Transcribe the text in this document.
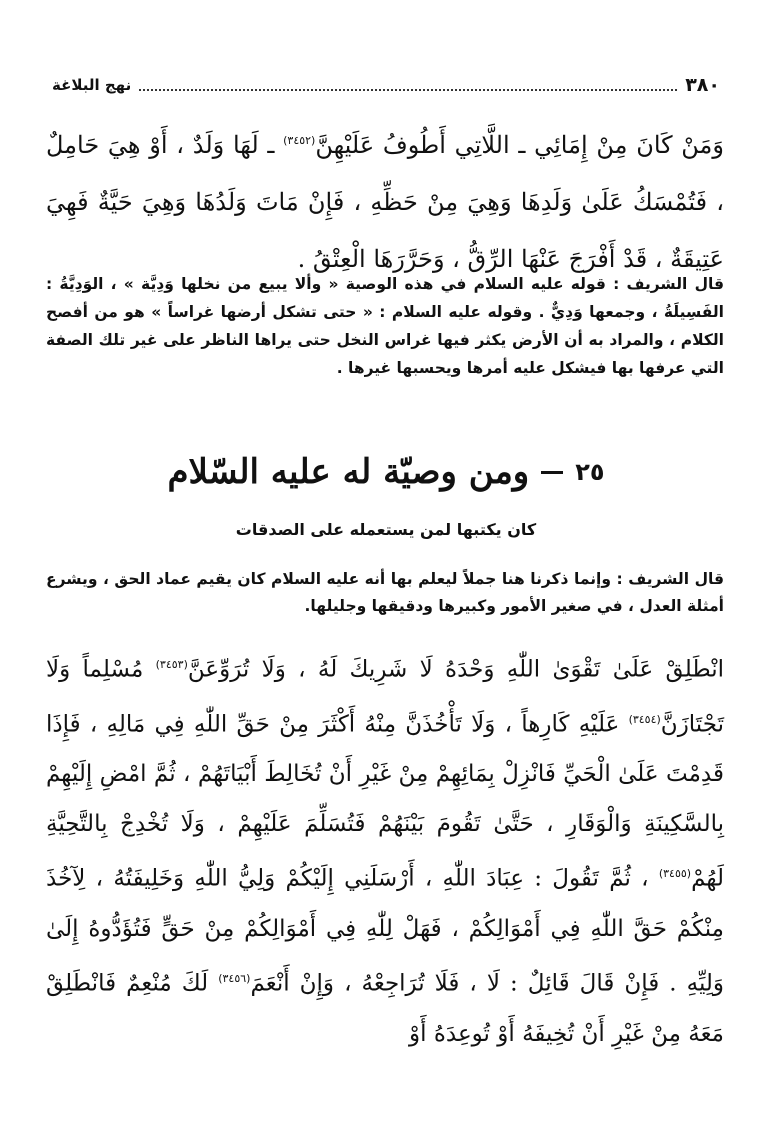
٣٨٠
نهج البلاغة
وَمَنْ كَانَ مِنْ إِمَائِي ـ اللَّاتِي أَطُوفُ عَلَيْهِنَّ$^{(٣٤٥٢)}$ ـ لَهَا وَلَدٌ ، أَوْ هِيَ حَامِلٌ ، فَتُمْسَكُ عَلَىٰ وَلَدِهَا وَهِيَ مِنْ حَظِّهِ ، فَإِنْ مَاتَ وَلَدُهَا وَهِيَ حَيَّةٌ فَهِيَ عَتِيقَةٌ ، قَدْ أَفْرَجَ عَنْهَا الرِّقُّ ، وَحَرَّرَهَا الْعِتْقُ .
قال الشريف : قوله عليه السلام في هذه الوصية « وألا يبيع من نخلها وَدِيَّة » ، الوَدِيَّةُ : الفَسِيلَةُ ، وجمعها وَدِيٌّ . وقوله عليه السلام : « حتى تشكل أرضها غراساً » هو من أفصح الكلام ، والمراد به أن الأرض يكثر فيها غراس النخل حتى يراها الناظر على غير تلك الصفة التي عرفها بها فيشكل عليه أمرها ويحسبها غيرها .
٢٥ومن وصيّة له عليه السّلام
كان يكتبها لمن يستعمله على الصدقات
قال الشريف : وإنما ذكرنا هنا جملاً ليعلم بها أنه عليه السلام كان يقيم عماد الحق ، ويشرع أمثلة العدل ، في صغير الأمور وكبيرها ودقيقها وجليلها.
انْطَلِقْ عَلَىٰ تَقْوَىٰ اللّٰهِ وَحْدَهُ لَا شَرِيكَ لَهُ ، وَلَا تُرَوِّعَنَّ$^{(٣٤٥٣)}$ مُسْلِماً وَلَا تَجْتَازَنَّ$^{(٣٤٥٤)}$ عَلَيْهِ كَارِهاً ، وَلَا تَأْخُذَنَّ مِنْهُ أَكْثَرَ مِنْ حَقِّ اللّٰهِ فِي مَالِهِ ، فَإِذَا قَدِمْتَ عَلَىٰ الْحَيِّ فَانْزِلْ بِمَائِهِمْ مِنْ غَيْرِ أَنْ تُخَالِطَ أَبْيَاتَهُمْ ، ثُمَّ امْضِ إِلَيْهِمْ بِالسَّكِينَةِ وَالْوَقَارِ ، حَتَّىٰ تَقُومَ بَيْنَهُمْ فَتُسَلِّمَ عَلَيْهِمْ ، وَلَا تُخْدِجْ بِالتَّحِيَّةِ لَهُمْ$^{(٣٤٥٥)}$ ، ثُمَّ تَقُولَ : عِبَادَ اللّٰهِ ، أَرْسَلَنِي إِلَيْكُمْ وَلِيُّ اللّٰهِ وَخَلِيفَتُهُ ، لِآخُذَ مِنْكُمْ حَقَّ اللّٰهِ فِي أَمْوَالِكُمْ ، فَهَلْ لِلّٰهِ فِي أَمْوَالِكُمْ مِنْ حَقٍّ فَتُؤَدُّوهُ إِلَىٰ وَلِيِّهِ . فَإِنْ قَالَ قَائِلٌ : لَا ، فَلَا تُرَاجِعْهُ ، وَإِنْ أَنْعَمَ$^{(٣٤٥٦)}$ لَكَ مُنْعِمٌ فَانْطَلِقْ مَعَهُ مِنْ غَيْرِ أَنْ تُخِيفَهُ أَوْ تُوعِدَهُ أَوْ
